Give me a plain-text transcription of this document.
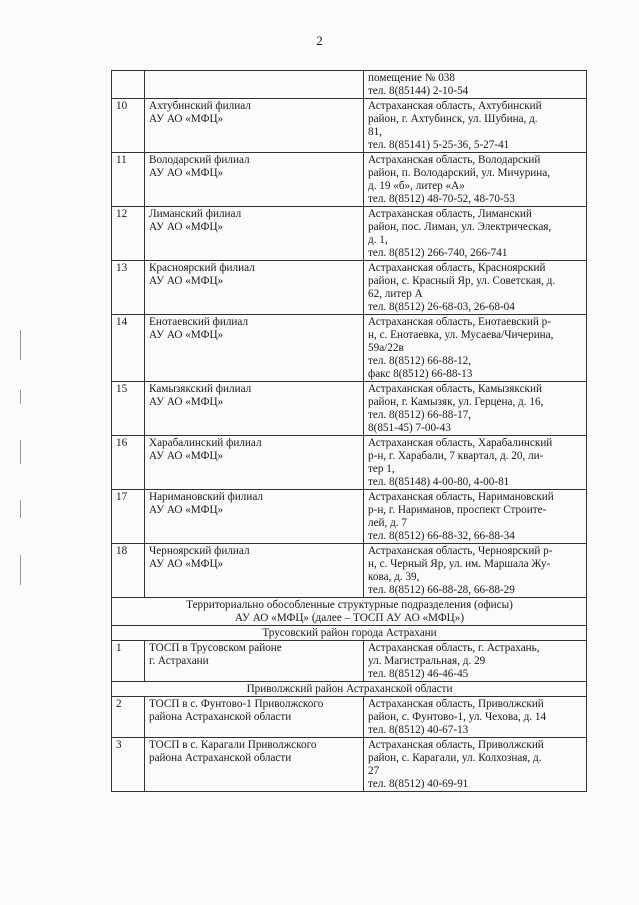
2

		помещение № 038
тел. 8(85144) 2-10-54

10	Ахтубинский филиал
АУ АО «МФЦ»	Астраханская область, Ахтубинский
район, г. Ахтубинск, ул. Шубина, д.
81,
тел. 8(85141) 5-25-36, 5-27-41

11	Володарский филиал
АУ АО «МФЦ»	Астраханская область, Володарский
район, п. Володарский, ул. Мичурина,
д. 19 «б», литер «А»
тел. 8(8512) 48-70-52, 48-70-53

12	Лиманский филиал
АУ АО «МФЦ»	Астраханская область, Лиманский
район, пос. Лиман, ул. Электрическая,
д. 1,
тел. 8(8512) 266-740, 266-741

13	Красноярский филиал
АУ АО «МФЦ»	Астраханская область, Красноярский
район, с. Красный Яр, ул. Советская, д.
62, литер А
тел. 8(8512) 26-68-03, 26-68-04

14	Енотаевский филиал
АУ АО «МФЦ»	Астраханская область, Енотаевский р-
н, с. Енотаевка, ул. Мусаева/Чичерина,
59а/22в
тел. 8(8512) 66-88-12,
факс 8(8512) 66-88-13

15	Камызякский филиал
АУ АО «МФЦ»	Астраханская область, Камызякский
район, г. Камызяк, ул. Герцена, д. 16,
тел. 8(8512) 66-88-17,
8(851-45) 7-00-43

16	Харабалинский филиал
АУ АО «МФЦ»	Астраханская область, Харабалинский
р-н, г. Харабали, 7 квартал, д. 20, ли-
тер 1,
тел. 8(85148) 4-00-80, 4-00-81

17	Наримановский филиал
АУ АО «МФЦ»	Астраханская область, Наримановский
р-н, г. Нариманов, проспект Строите-
лей, д. 7
тел. 8(8512) 66-88-32, 66-88-34

18	Черноярский филиал
АУ АО «МФЦ»	Астраханская область, Черноярский р-
н, с. Черный Яр, ул. им. Маршала Жу-
кова, д. 39,
тел. 8(8512) 66-88-28, 66-88-29

Территориально обособленные структурные подразделения (офисы)
АУ АО «МФЦ» (далее – ТОСП АУ АО «МФЦ»)		

Трусовский район города Астрахани		

1	ТОСП в Трусовском районе
г. Астрахани	Астраханская область, г. Астрахань,
ул. Магистральная, д. 29
тел. 8(8512) 46-46-45

Приволжский район Астраханской области		

2	ТОСП в с. Фунтово-1 Приволжского
района Астраханской области	Астраханская область, Приволжский
район, с. Фунтово-1, ул. Чехова, д. 14
тел. 8(8512) 40-67-13

3	ТОСП в с. Карагали Приволжского
района Астраханской области	Астраханская область, Приволжский
район, с. Карагали, ул. Колхозная, д.
27
тел. 8(8512) 40-69-91
